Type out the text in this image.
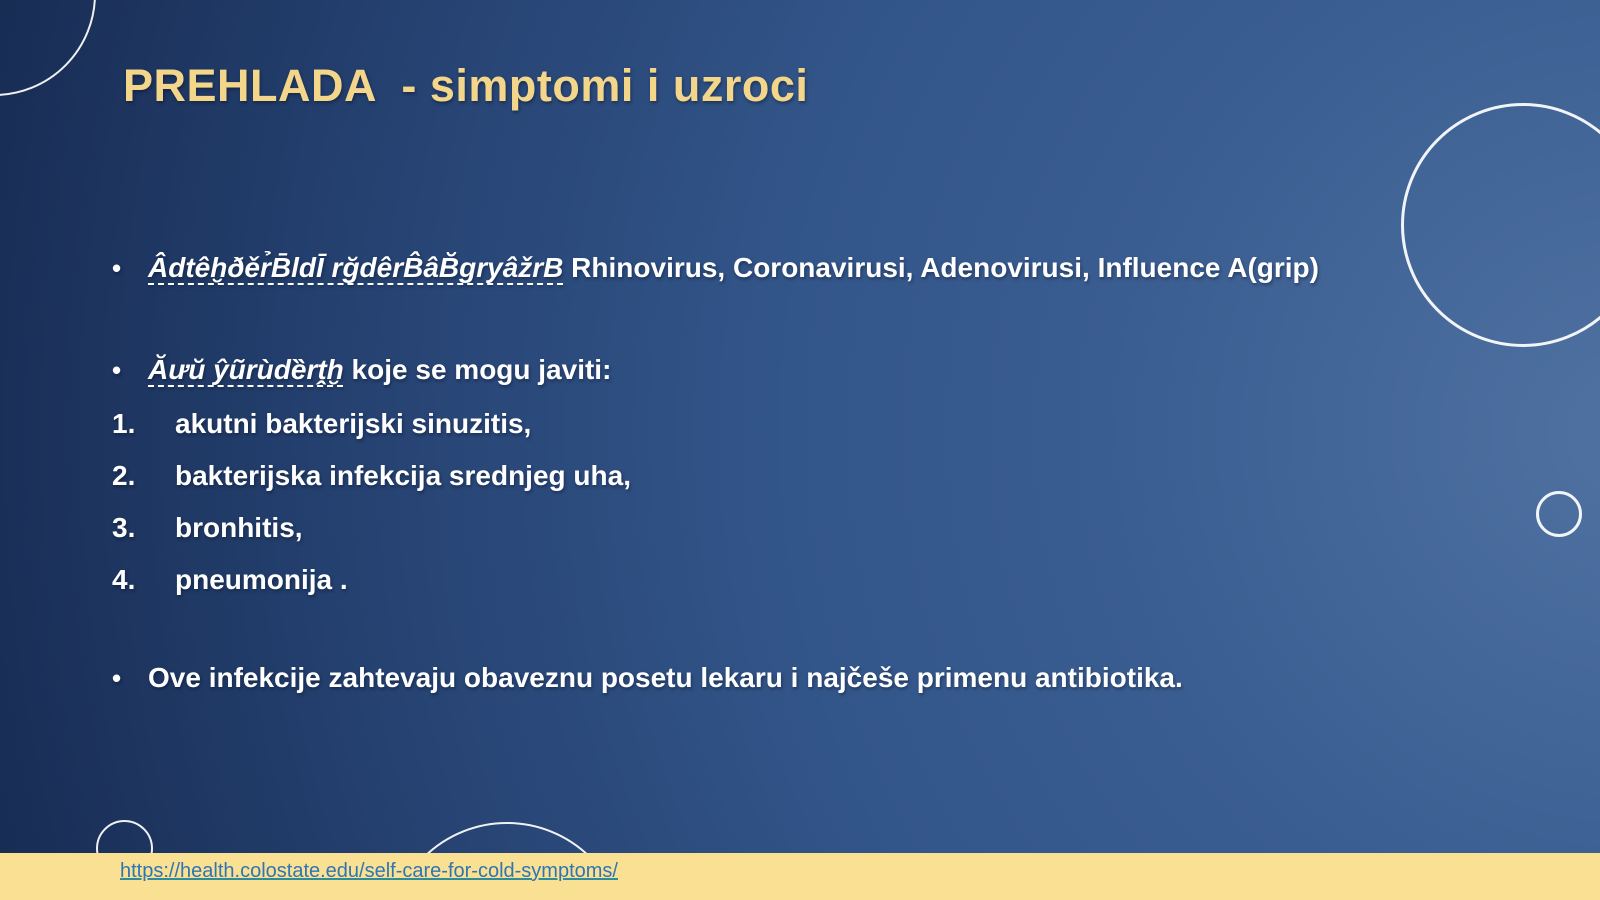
PREHLADA  - simptomi i uzroci
• Âdtêḫðěr̉B̄ldĪ rğdêrB̂âB̆gryâžrB Rhinovirus, Coronavirusi, Adenovirusi, Influence A(grip)
• Ăưŭ ŷũrùdȅrṱḫ koje se mogu javiti:
1.	akutni bakterijski sinuzitis,
2.	bakterijska infekcija srednjeg uha,
3.	bronhitis,
4.	pneumonija .
• Ove infekcije zahtevaju obaveznu posetu lekaru i najčeše primenu antibiotika.
https://health.colostate.edu/self-care-for-cold-symptoms/
